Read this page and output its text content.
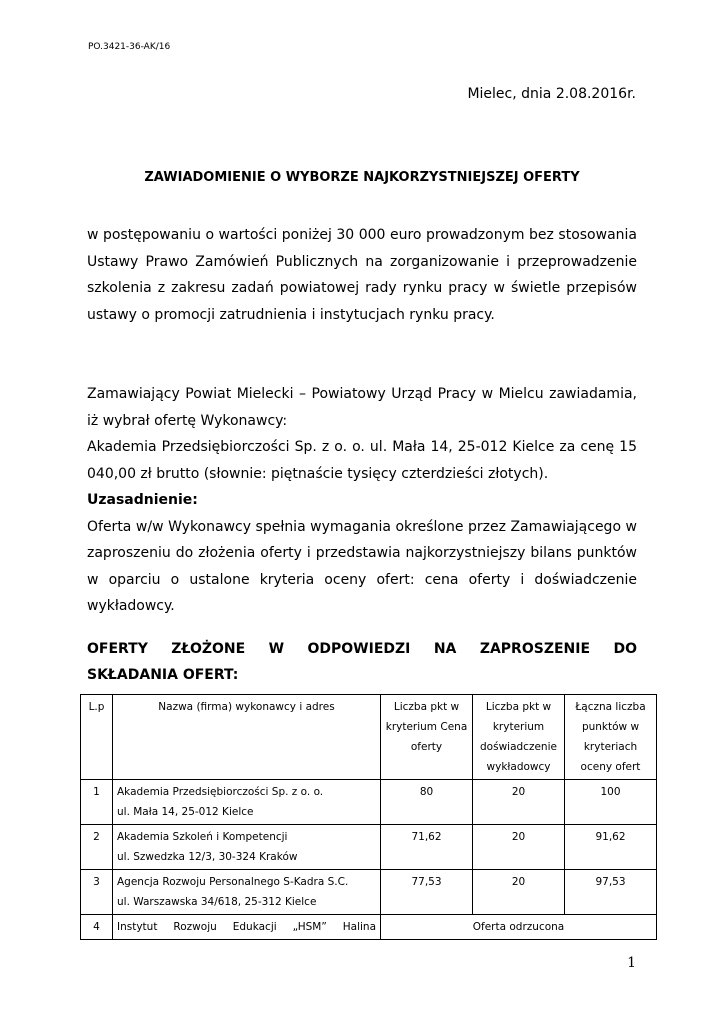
PO.3421-36-AK/16
Mielec, dnia 2.08.2016r.
ZAWIADOMIENIE O WYBORZE NAJKORZYSTNIEJSZEJ OFERTY
w postępowaniu o wartości poniżej 30 000 euro prowadzonym bez stosowania Ustawy Prawo Zamówień Publicznych na zorganizowanie i przeprowadzenie szkolenia z zakresu zadań powiatowej rady rynku pracy w świetle przepisów ustawy o promocji zatrudnienia i instytucjach rynku pracy.
Zamawiający Powiat Mielecki – Powiatowy Urząd Pracy w Mielcu zawiadamia, iż wybrał ofertę Wykonawcy:
Akademia Przedsiębiorczości Sp. z o. o. ul. Mała 14, 25-012 Kielce za cenę 15 040,00 zł brutto (słownie: piętnaście tysięcy czterdzieści złotych).
Uzasadnienie:
Oferta w/w Wykonawcy spełnia wymagania określone przez Zamawiającego w zaproszeniu do złożenia oferty i przedstawia najkorzystniejszy bilans punktów w oparciu o ustalone kryteria oceny ofert: cena oferty i doświadczenie wykładowcy.
OFERTY ZŁOŻONE W ODPOWIEDZI NA ZAPROSZENIE DO
SKŁADANIA OFERT:
L.p	Nazwa (firma) wykonawcy i adres	Liczba pkt w kryterium Cena oferty	Liczba pkt w kryterium doświadczenie wykładowcy	Łączna liczba punktów w kryteriach oceny ofert
1	Akademia Przedsiębiorczości Sp. z o. o.
ul. Mała 14, 25-012 Kielce	80	20	100
2	Akademia Szkoleń i Kompetencji
ul. Szwedzka 12/3, 30-324 Kraków	71,62	20	91,62
3	Agencja Rozwoju Personalnego S-Kadra S.C.
ul. Warszawska 34/618, 25-312 Kielce	77,53	20	97,53
4	Instytut Rozwoju Edukacji „HSM” Halina	Oferta odrzucona		
1
